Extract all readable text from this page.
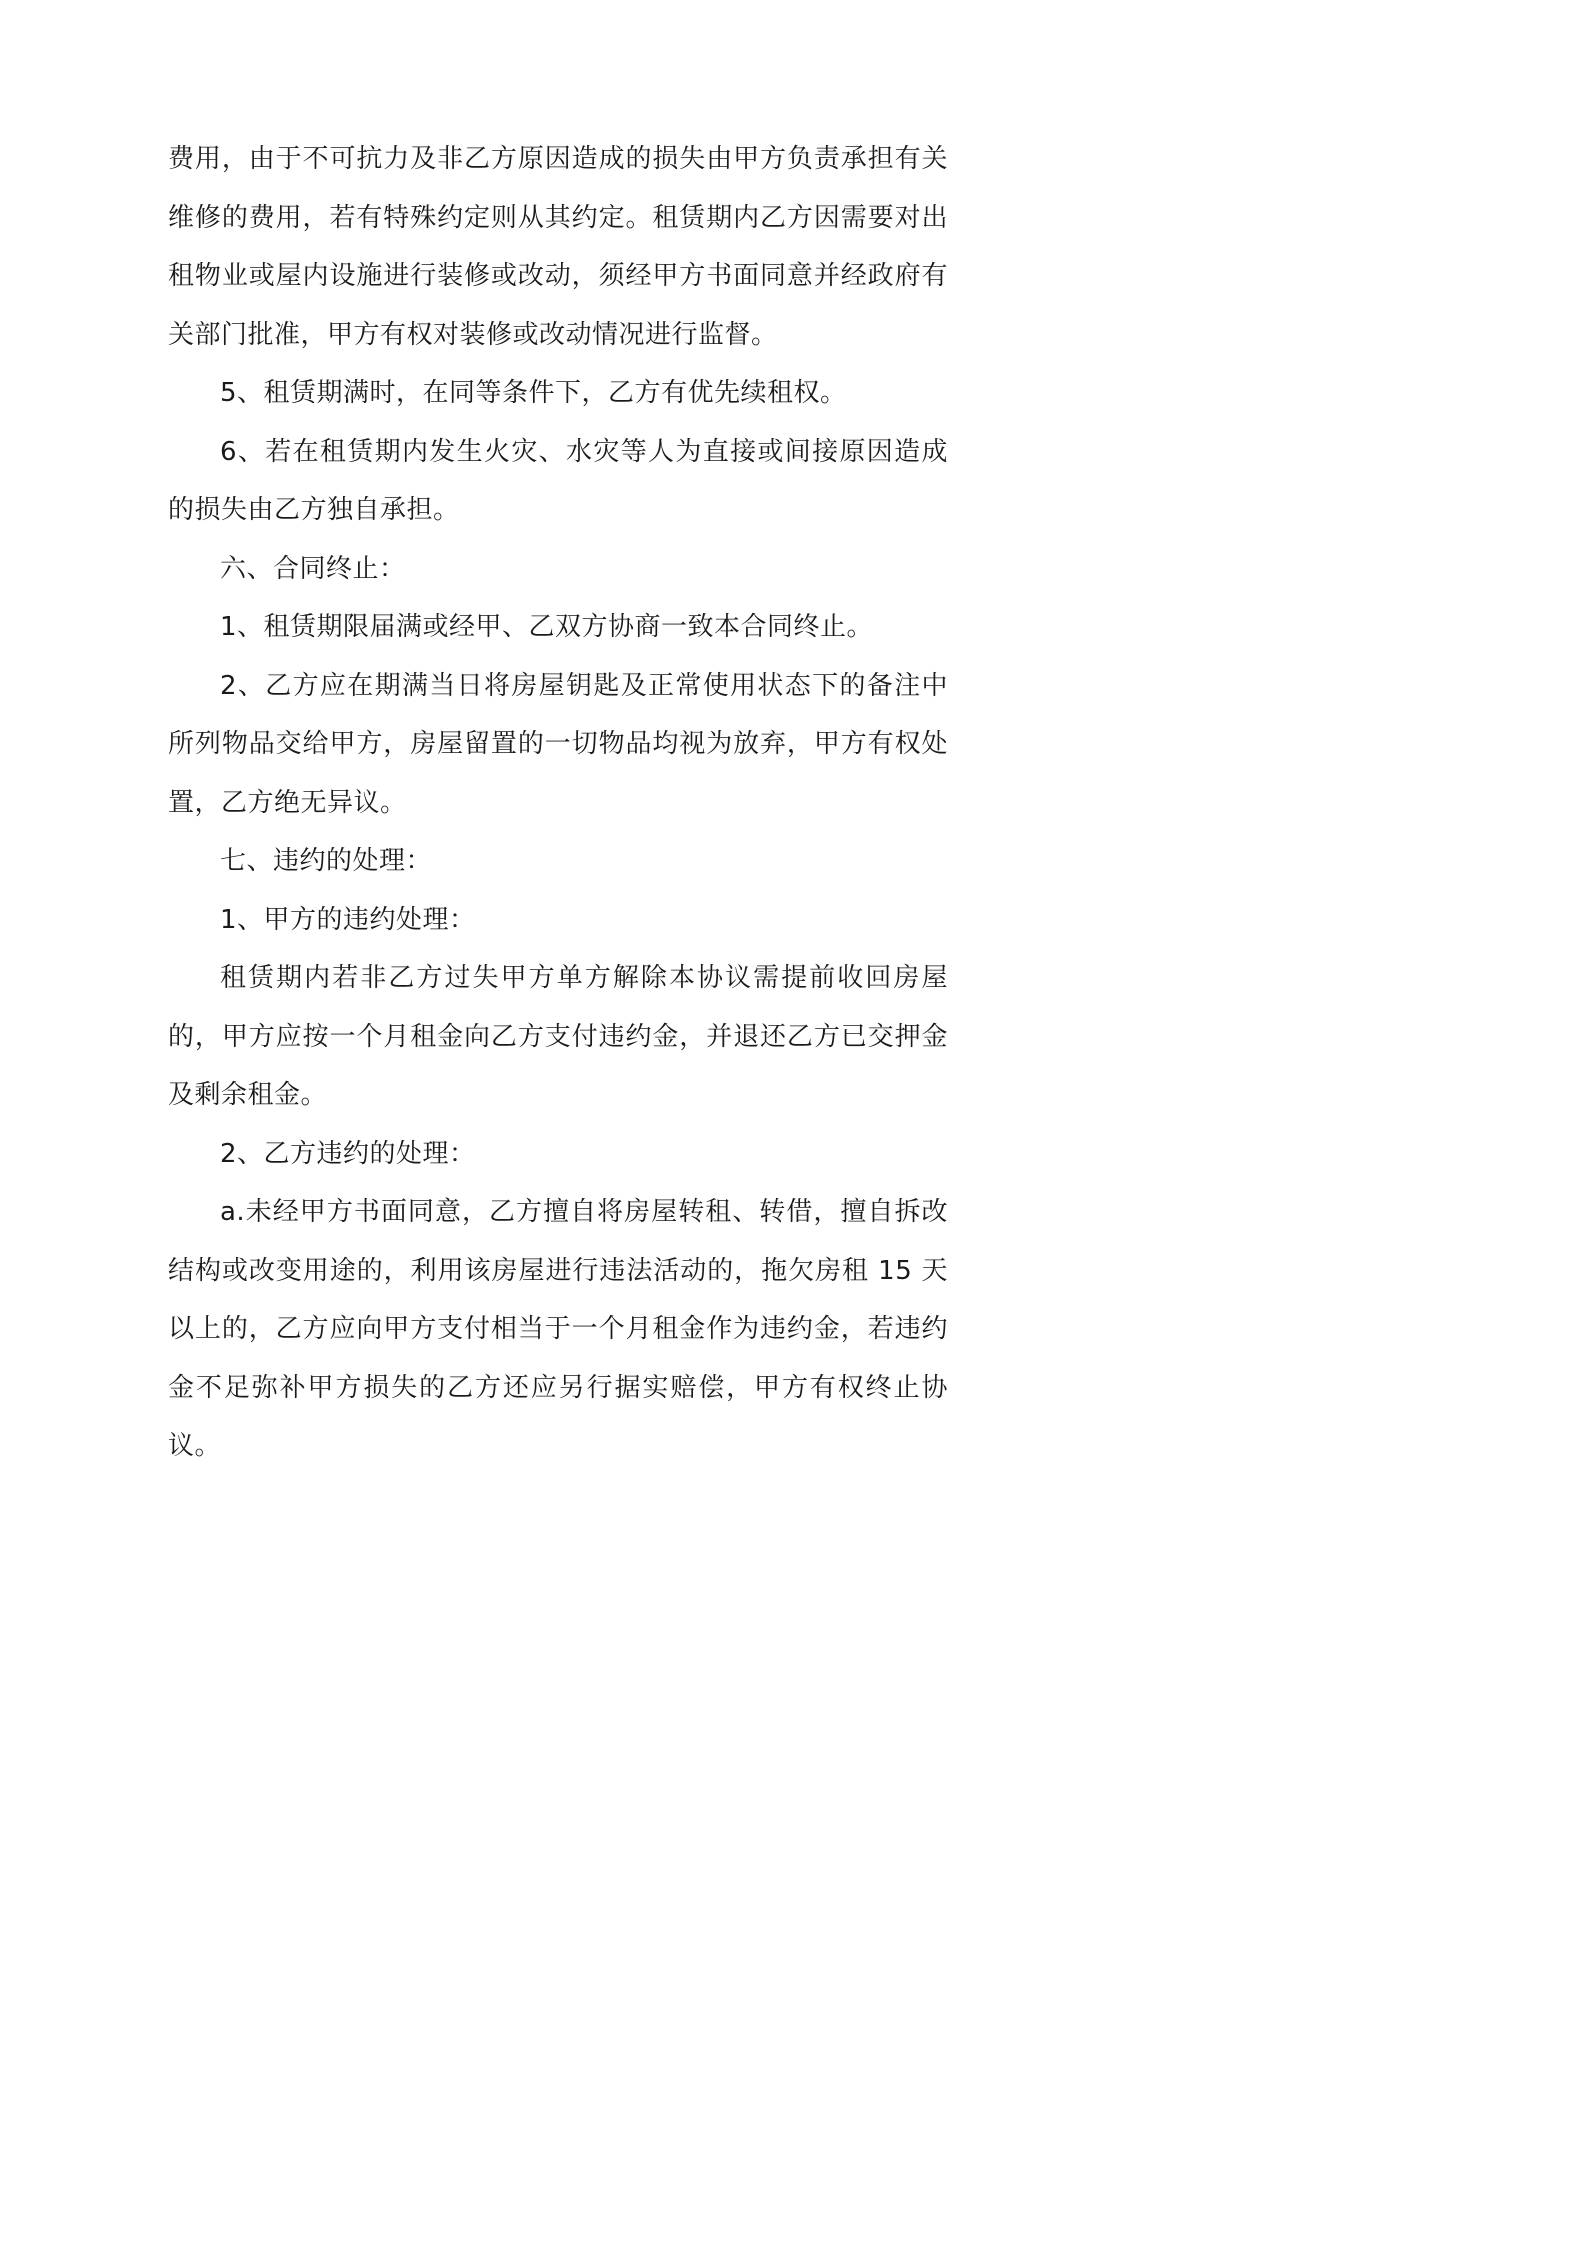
费用，由于不可抗力及非乙方原因造成的损失由甲方负责承担有关维修的费用，若有特殊约定则从其约定。租赁期内乙方因需要对出租物业或屋内设施进行装修或改动，须经甲方书面同意并经政府有关部门批准，甲方有权对装修或改动情况进行监督。

5、租赁期满时，在同等条件下，乙方有优先续租权。

6、若在租赁期内发生火灾、水灾等人为直接或间接原因造成的损失由乙方独自承担。

六、合同终止：

1、租赁期限届满或经甲、乙双方协商一致本合同终止。

2、乙方应在期满当日将房屋钥匙及正常使用状态下的备注中所列物品交给甲方，房屋留置的一切物品均视为放弃，甲方有权处置，乙方绝无异议。

七、违约的处理：

1、甲方的违约处理：

租赁期内若非乙方过失甲方单方解除本协议需提前收回房屋的，甲方应按一个月租金向乙方支付违约金，并退还乙方已交押金及剩余租金。

2、乙方违约的处理：

a.未经甲方书面同意，乙方擅自将房屋转租、转借，擅自拆改结构或改变用途的，利用该房屋进行违法活动的，拖欠房租 15 天以上的，乙方应向甲方支付相当于一个月租金作为违约金，若违约金不足弥补甲方损失的乙方还应另行据实赔偿，甲方有权终止协议。
